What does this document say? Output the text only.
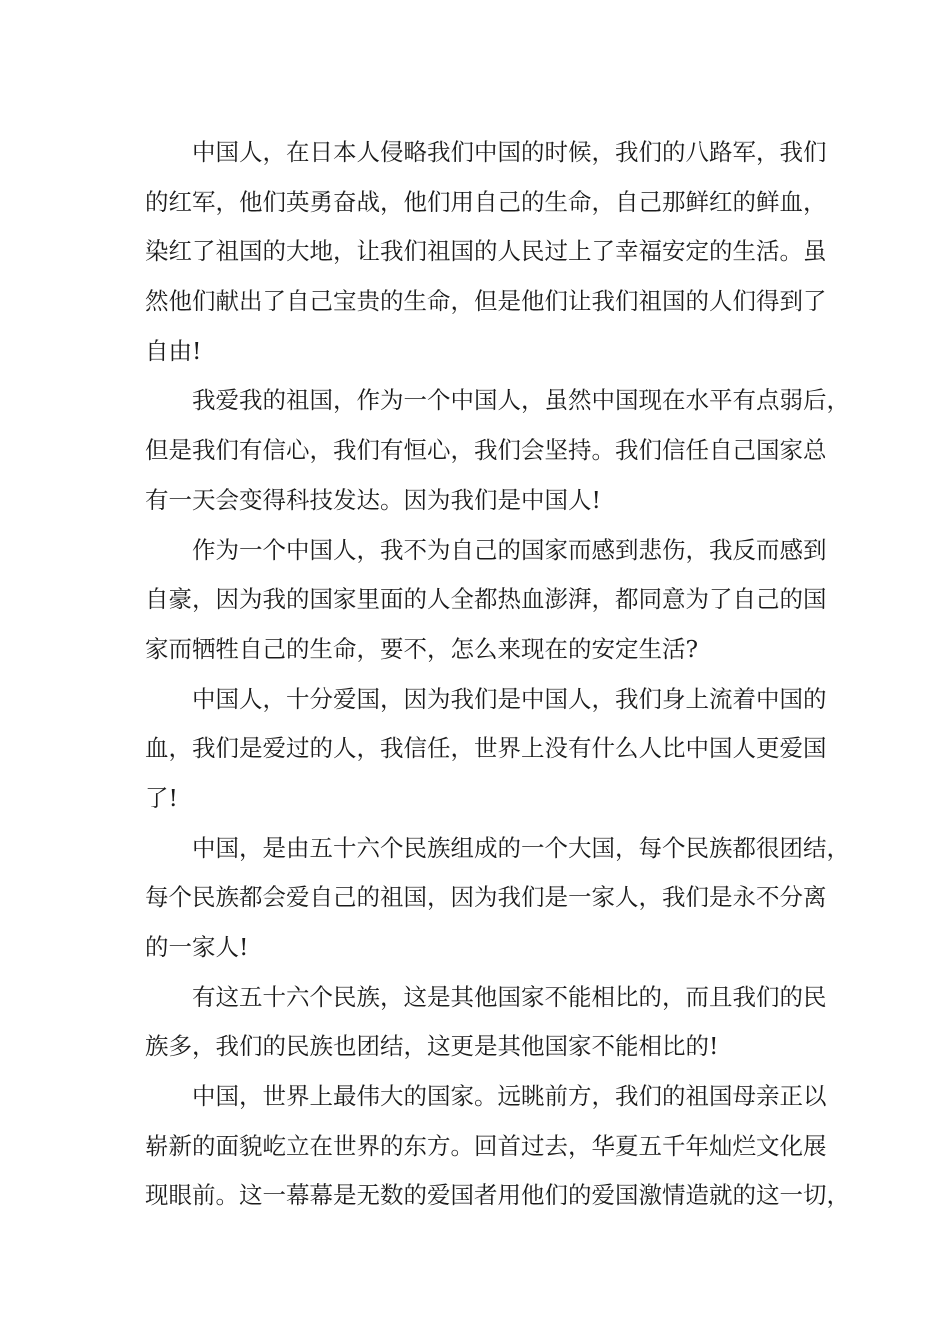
中国人，在日本人侵略我们中国的时候，我们的八路军，我们
的红军，他们英勇奋战，他们用自己的生命，自己那鲜红的鲜血，
染红了祖国的大地，让我们祖国的人民过上了幸福安定的生活。虽
然他们献出了自己宝贵的生命，但是他们让我们祖国的人们得到了
自由!
我爱我的祖国，作为一个中国人，虽然中国现在水平有点弱后，
但是我们有信心，我们有恒心，我们会坚持。我们信任自己国家总
有一天会变得科技发达。因为我们是中国人!
作为一个中国人，我不为自己的国家而感到悲伤，我反而感到
自豪，因为我的国家里面的人全都热血澎湃，都同意为了自己的国
家而牺牲自己的生命，要不，怎么来现在的安定生活?
中国人，十分爱国，因为我们是中国人，我们身上流着中国的
血，我们是爱过的人，我信任，世界上没有什么人比中国人更爱国
了!
中国，是由五十六个民族组成的一个大国，每个民族都很团结，
每个民族都会爱自己的祖国，因为我们是一家人，我们是永不分离
的一家人!
有这五十六个民族，这是其他国家不能相比的，而且我们的民
族多，我们的民族也团结，这更是其他国家不能相比的!
中国，世界上最伟大的国家。远眺前方，我们的祖国母亲正以
崭新的面貌屹立在世界的东方。回首过去，华夏五千年灿烂文化展
现眼前。这一幕幕是无数的爱国者用他们的爱国激情造就的这一切，
